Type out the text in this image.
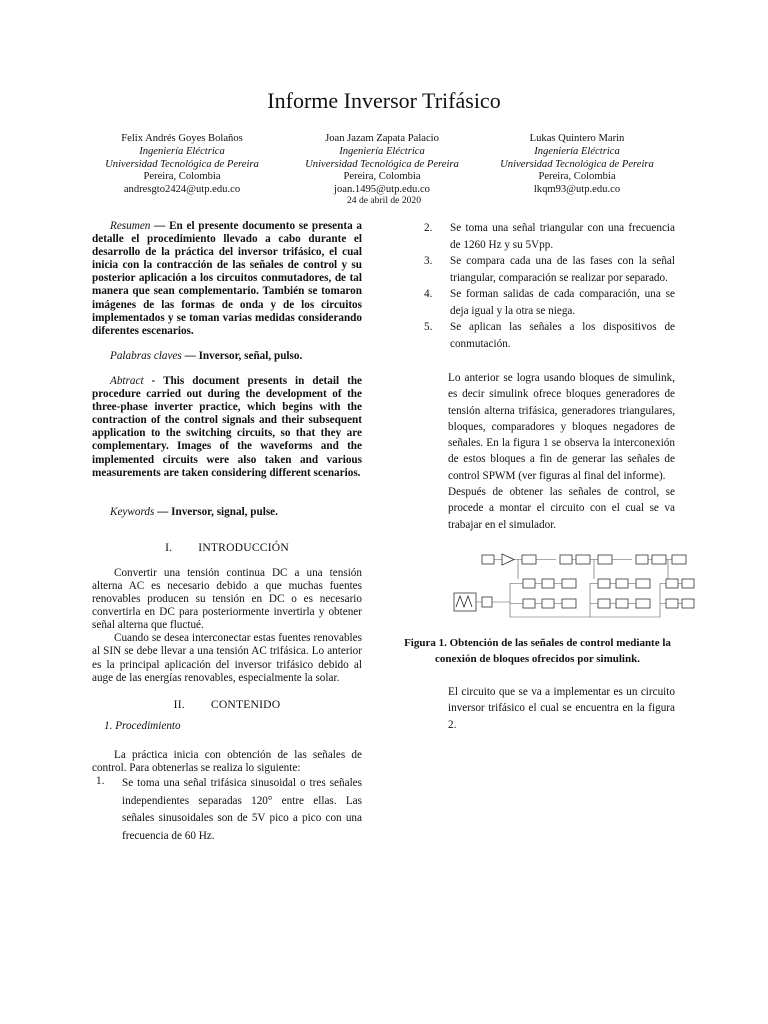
Informe Inversor Trifásico
Felix Andrés Goyes Bolaños
Ingeniería Eléctrica
Universidad Tecnológica de Pereira
Pereira, Colombia
andresgto2424@utp.edu.co
Joan Jazam Zapata Palacio
Ingeniería Eléctrica
Universidad Tecnológica de Pereira
Pereira, Colombia
joan.1495@utp.edu.co
Lukas Quintero Marin
Ingeniería Eléctrica
Universidad Tecnológica de Pereira
Pereira, Colombia
lkqm93@utp.edu.co
24 de abril de 2020

Resumen — En el presente documento se presenta a detalle el procedimiento llevado a cabo durante el desarrollo de la práctica del inversor trifásico, el cual inicia con la contracción de las señales de control y su posterior aplicación a los circuitos conmutadores, de tal manera que sean complementario. También se tomaron imágenes de las formas de onda y de los circuitos implementados y se toman varias medidas considerando diferentes escenarios.

Palabras claves — Inversor, señal, pulso.

Abtract - This document presents in detail the procedure carried out during the development of the three-phase inverter practice, which begins with the contraction of the control signals and their subsequent application to the switching circuits, so that they are complementary. Images of the waveforms and the implemented circuits were also taken and various measurements are taken considering different scenarios.

Keywords — Inversor, signal, pulse.

I. INTRODUCCIÓN

Convertir una tensión continua DC a una tensión alterna AC es necesario debido a que muchas fuentes renovables producen su tensión en DC o es necesario convertirla en DC para posteriormente invertirla y obtener señal alterna que fluctué.

Cuando se desea interconectar estas fuentes renovables al SIN se debe llevar a una tensión AC trifásica. Lo anterior es la principal aplicación del inversor trifásico debido al auge de las energías renovables, especialmente la solar.

II. CONTENIDO
1. Procedimiento

La práctica inicia con obtención de las señales de control. Para obtenerlas se realiza lo siguiente:

1. Se toma una señal trifásica sinusoidal o tres señales independientes separadas 120° entre ellas. Las señales sinusoidales son de 5V pico a pico con una frecuencia de 60 Hz.
2. Se toma una señal triangular con una frecuencia de 1260 Hz y su 5Vpp.
3. Se compara cada una de las fases con la señal triangular, comparación se realizar por separado.
4. Se forman salidas de cada comparación, una se deja igual y la otra se niega.
5. Se aplican las señales a los dispositivos de conmutación.

Lo anterior se logra usando bloques de simulink, es decir simulink ofrece bloques generadores de tensión alterna trifásica, generadores triangulares, bloques, comparadores y bloques negadores de señales. En la figura 1 se observa la interconexión de estos bloques a fin de generar las señales de control SPWM (ver figuras al final del informe).

Después de obtener las señales de control, se procede a montar el circuito con el cual se va trabajar en el simulador.

Figura 1. Obtención de las señales de control mediante la conexión de bloques ofrecidos por simulink.

El circuito que se va a implementar es un circuito inversor trifásico el cual se encuentra en la figura 2.
